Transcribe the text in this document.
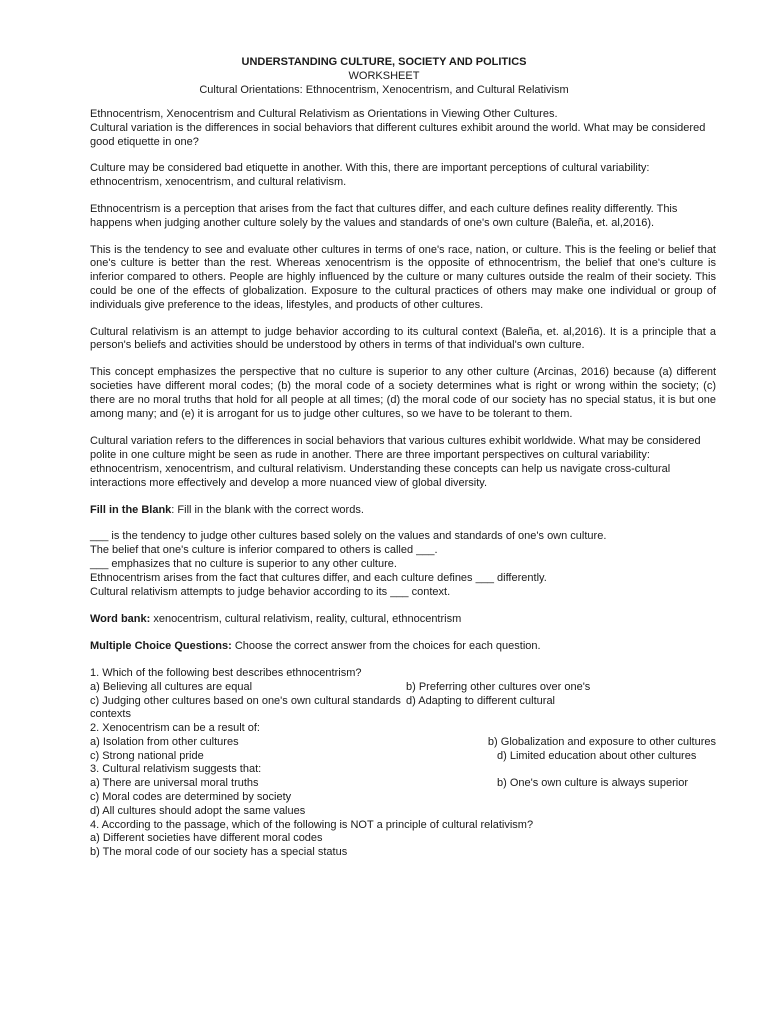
UNDERSTANDING CULTURE, SOCIETY AND POLITICS
WORKSHEET
Cultural Orientations: Ethnocentrism, Xenocentrism, and Cultural Relativism
Ethnocentrism, Xenocentrism and Cultural Relativism as Orientations in Viewing Other Cultures.
Cultural variation is the differences in social behaviors that different cultures exhibit around the world. What may be considered good etiquette in one?

Culture may be considered bad etiquette in another. With this, there are important perceptions of cultural variability: ethnocentrism, xenocentrism, and cultural relativism.

Ethnocentrism is a perception that arises from the fact that cultures differ, and each culture defines reality differently. This happens when judging another culture solely by the values and standards of one's own culture (Baleña, et. al,2016).

This is the tendency to see and evaluate other cultures in terms of one's race, nation, or culture. This is the feeling or belief that one's culture is better than the rest. Whereas xenocentrism is the opposite of ethnocentrism, the belief that one's culture is inferior compared to others. People are highly influenced by the culture or many cultures outside the realm of their society. This could be one of the effects of globalization. Exposure to the cultural practices of others may make one individual or group of individuals give preference to the ideas, lifestyles, and products of other cultures.

Cultural relativism is an attempt to judge behavior according to its cultural context (Baleña, et. al,2016). It is a principle that a person's beliefs and activities should be understood by others in terms of that individual's own culture.

This concept emphasizes the perspective that no culture is superior to any other culture (Arcinas, 2016) because (a) different societies have different moral codes; (b) the moral code of a society determines what is right or wrong within the society; (c) there are no moral truths that hold for all people at all times; (d) the moral code of our society has no special status, it is but one among many; and (e) it is arrogant for us to judge other cultures, so we have to be tolerant to them.

Cultural variation refers to the differences in social behaviors that various cultures exhibit worldwide. What may be considered polite in one culture might be seen as rude in another. There are three important perspectives on cultural variability: ethnocentrism, xenocentrism, and cultural relativism. Understanding these concepts can help us navigate cross-cultural interactions more effectively and develop a more nuanced view of global diversity.

Fill in the Blank: Fill in the blank with the correct words.

___ is the tendency to judge other cultures based solely on the values and standards of one's own culture.
The belief that one's culture is inferior compared to others is called ___.
___ emphasizes that no culture is superior to any other culture.
Ethnocentrism arises from the fact that cultures differ, and each culture defines ___ differently.
Cultural relativism attempts to judge behavior according to its ___ context.

Word bank: xenocentrism, cultural relativism, reality, cultural, ethnocentrism

Multiple Choice Questions: Choose the correct answer from the choices for each question.

1. Which of the following best describes ethnocentrism?
a) Believing all cultures are equal	b) Preferring other cultures over one's
c) Judging other cultures based on one's own cultural standards d) Adapting to different cultural
contexts
2. Xenocentrism can be a result of:
a) Isolation from other cultures	b) Globalization and exposure to other cultures
c) Strong national pride	d) Limited education about other cultures
3. Cultural relativism suggests that:
a) There are universal moral truths	b) One's own culture is always superior
c) Moral codes are determined by society
d) All cultures should adopt the same values
4. According to the passage, which of the following is NOT a principle of cultural relativism?
a) Different societies have different moral codes
b) The moral code of our society has a special status
